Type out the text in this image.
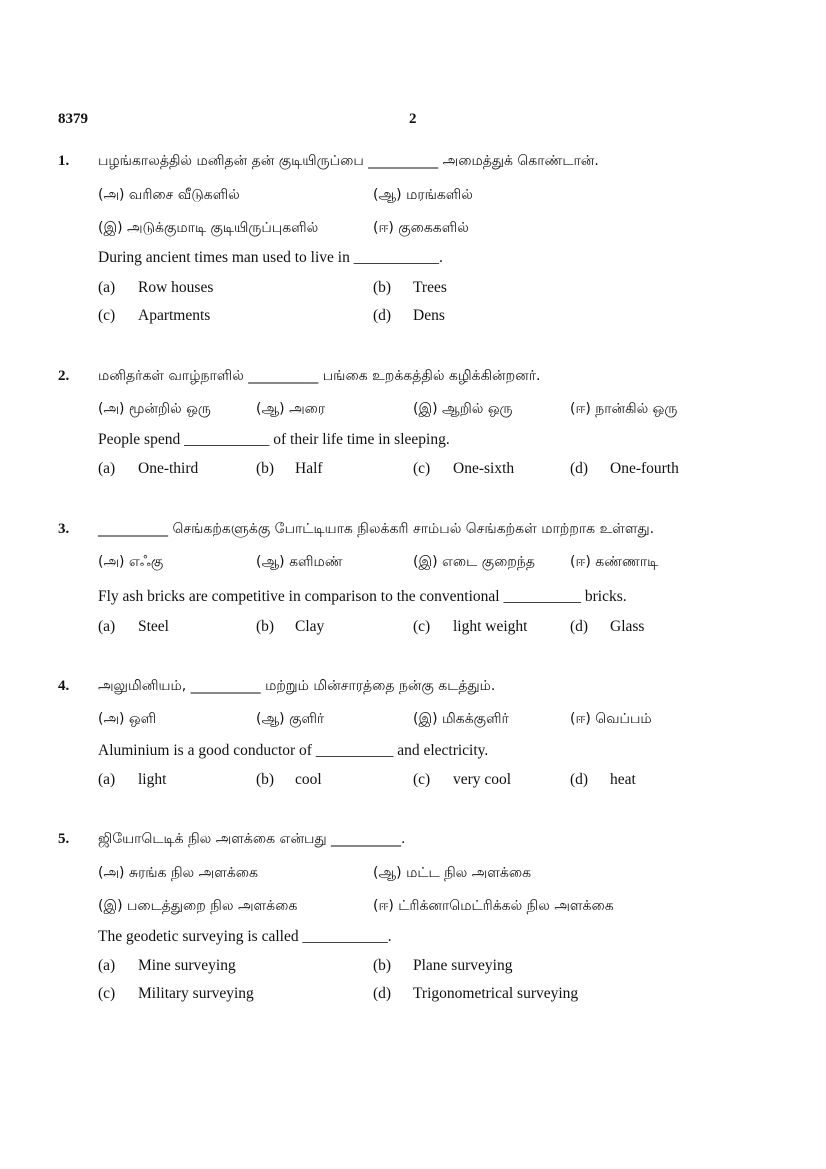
8379	2
1. பழங்காலத்தில் மனிதன் தன் குடியிருப்பை __________ அமைத்துக் கொண்டான்.
(அ) வரிசை வீடுகளில்	(ஆ) மரங்களில்
(இ) அடுக்குமாடி குடியிருப்புகளில்	(ஈ) குகைகளில்
During ancient times man used to live in ___________.
(a) Row houses	(b) Trees
(c) Apartments	(d) Dens
2. மனிதர்கள் வாழ்நாளில் __________ பங்கை உறக்கத்தில் கழிக்கின்றனர்.
(அ) மூன்றில் ஒரு	(ஆ) அரை	(இ) ஆறில் ஒரு	(ஈ) நான்கில் ஒரு
People spend ___________ of their life time in sleeping.
(a) One-third	(b) Half	(c) One-sixth	(d) One-fourth
3. __________ செங்கற்களுக்கு போட்டியாக நிலக்கரி சாம்பல் செங்கற்கள் மாற்றாக உள்ளது.
(அ) எஃகு	(ஆ) களிமண்	(இ) எடை குறைந்த	(ஈ) கண்ணாடி
Fly ash bricks are competitive in comparison to the conventional __________ bricks.
(a) Steel	(b) Clay	(c) light weight	(d) Glass
4. அலுமினியம், __________ மற்றும் மின்சாரத்தை நன்கு கடத்தும்.
(அ) ஒளி	(ஆ) குளிர்	(இ) மிகக்குளிர்	(ஈ) வெப்பம்
Aluminium is a good conductor of __________ and electricity.
(a) light	(b) cool	(c) very cool	(d) heat
5. ஜியோடெடிக் நில அளக்கை என்பது __________.
(அ) சுரங்க நில அளக்கை	(ஆ) மட்ட நில அளக்கை
(இ) படைத்துறை நில அளக்கை	(ஈ) ட்ரிக்னாமெட்ரிக்கல் நில அளக்கை
The geodetic surveying is called ___________.
(a) Mine surveying	(b) Plane surveying
(c) Military surveying	(d) Trigonometrical surveying
